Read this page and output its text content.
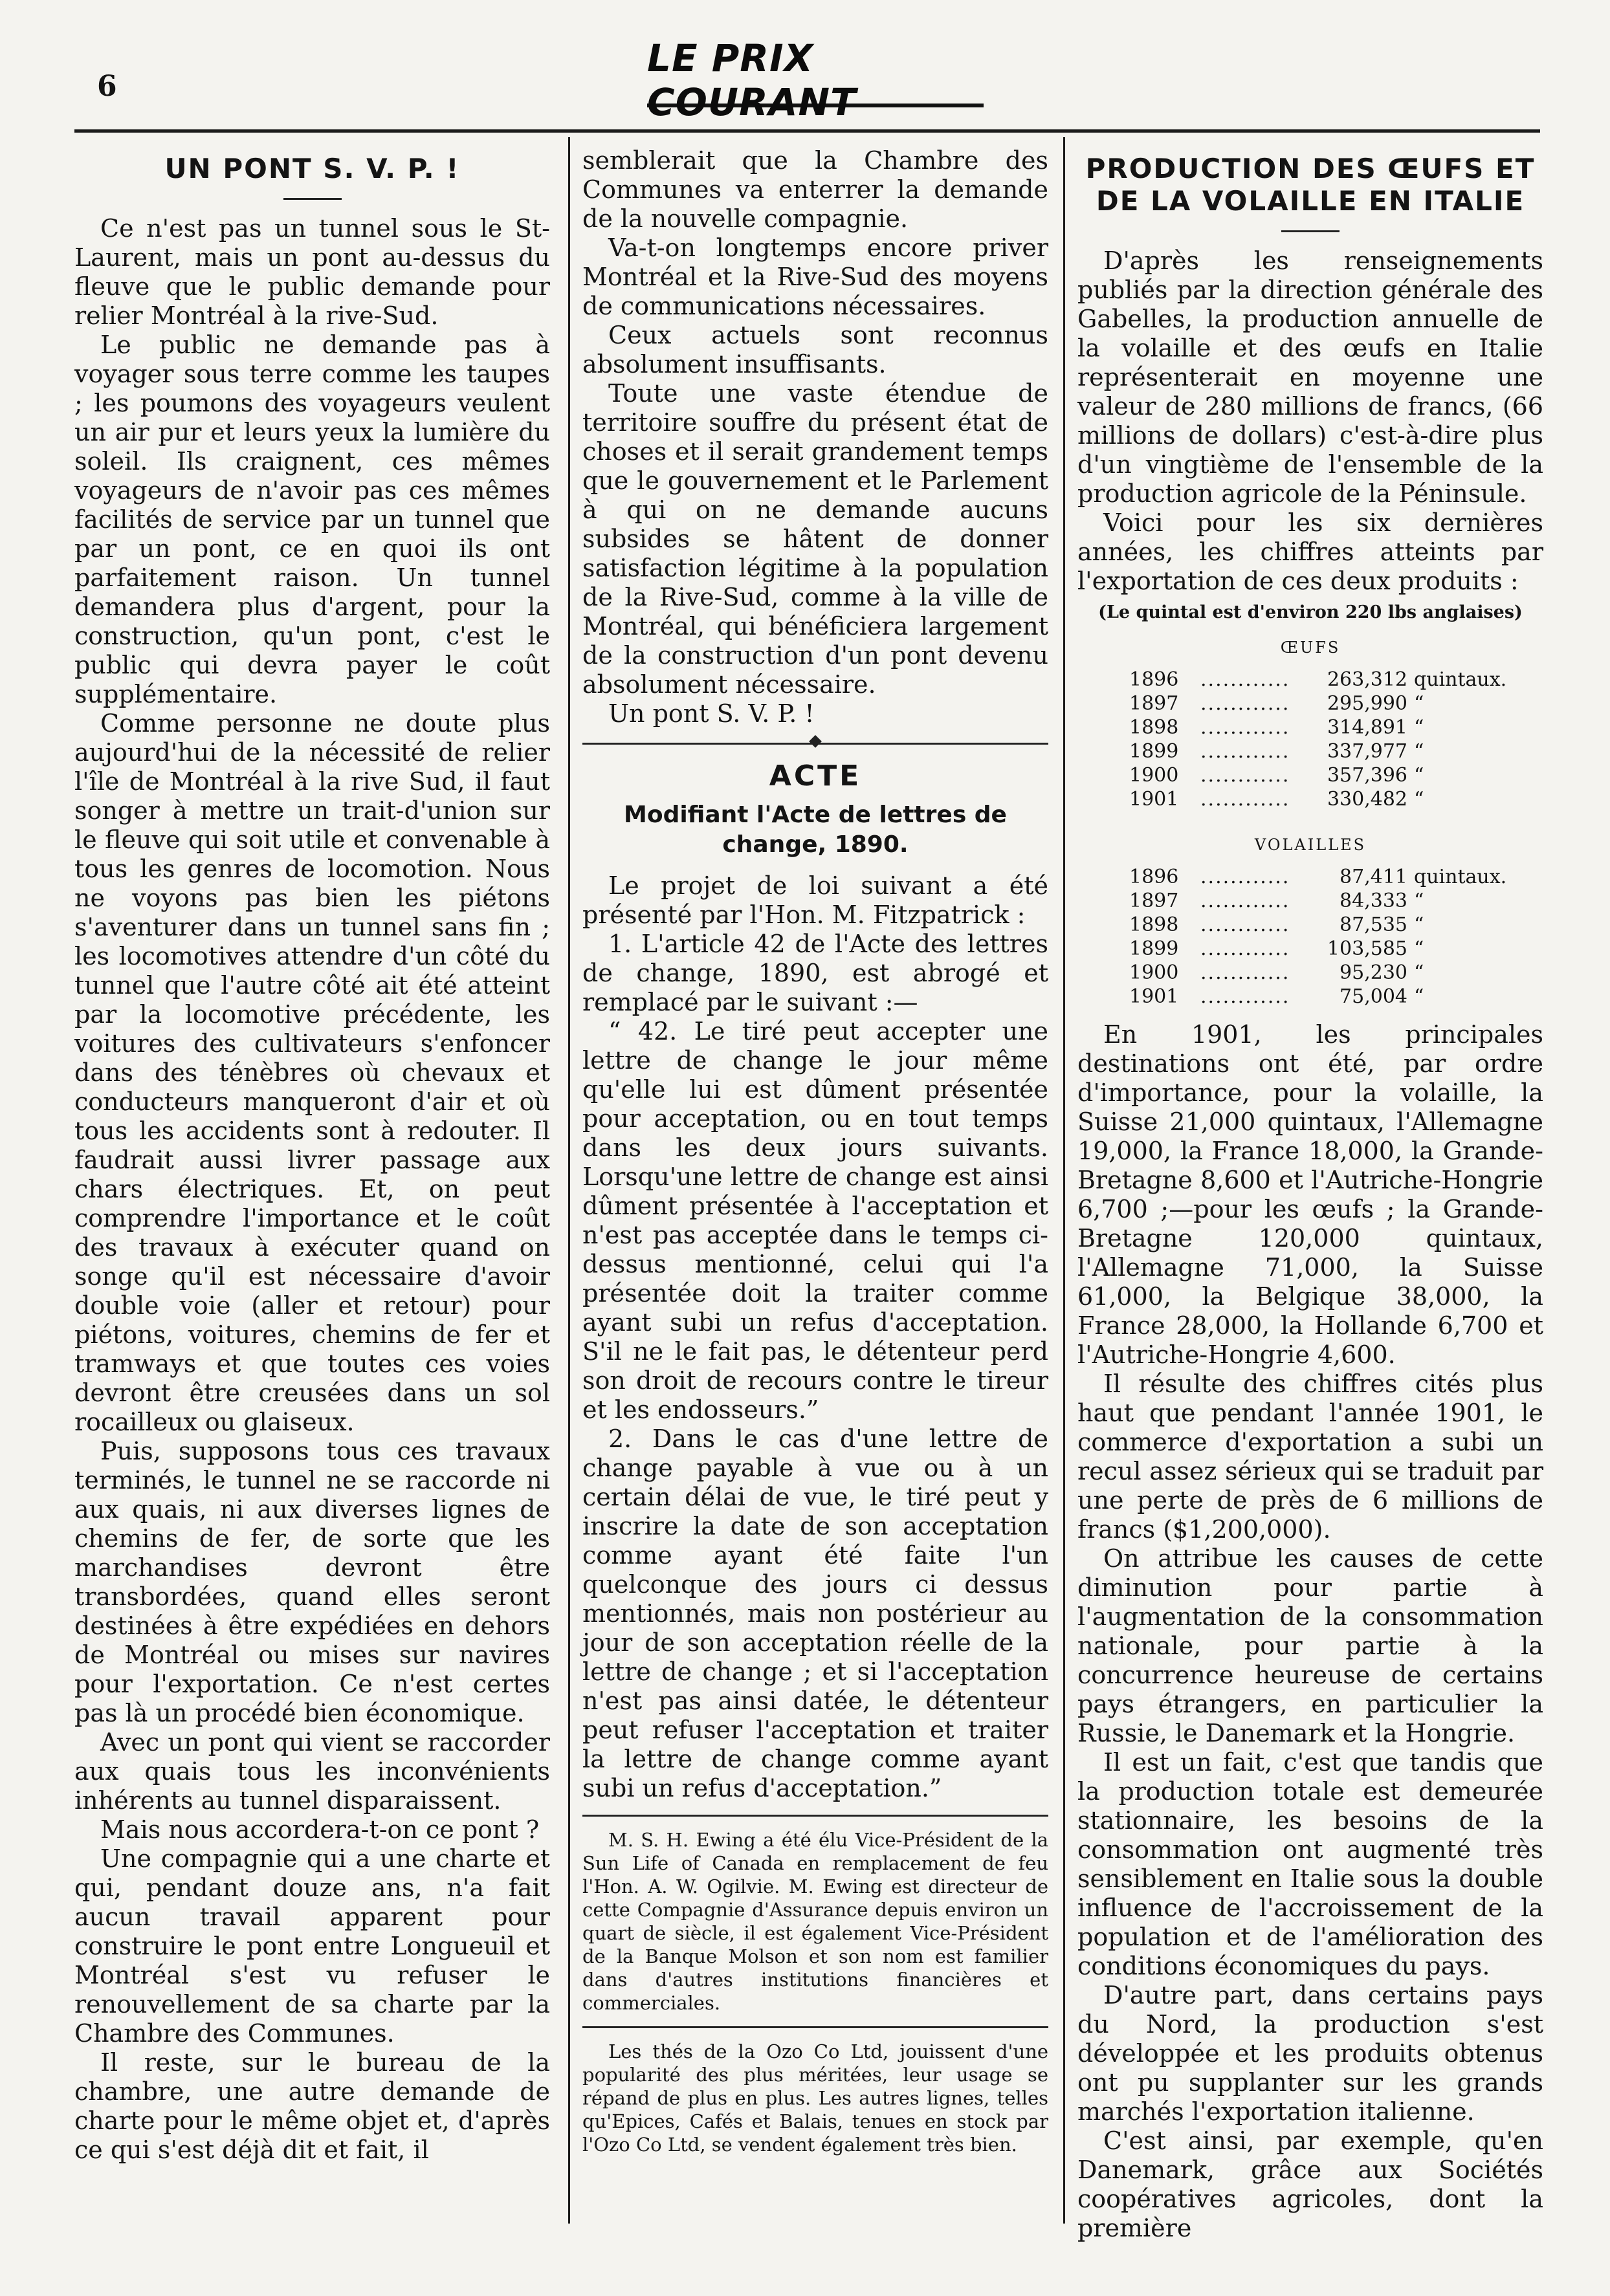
6
LE PRIX COURANT
UN PONT S. V. P. !

Ce n'est pas un tunnel sous le St-Laurent, mais un pont au-dessus du fleuve que le public demande pour relier Montréal à la rive-Sud.

Le public ne demande pas à voyager sous terre comme les taupes ; les poumons des voyageurs veulent un air pur et leurs yeux la lumière du soleil. Ils craignent, ces mêmes voyageurs de n'avoir pas ces mêmes facilités de service par un tunnel que par un pont, ce en quoi ils ont parfaitement raison. Un tunnel demandera plus d'argent, pour la construction, qu'un pont, c'est le public qui devra payer le coût supplémentaire.

Comme personne ne doute plus aujourd'hui de la nécessité de relier l'île de Montréal à la rive Sud, il faut songer à mettre un trait-d'union sur le fleuve qui soit utile et convenable à tous les genres de locomotion. Nous ne voyons pas bien les piétons s'aventurer dans un tunnel sans fin ; les locomotives attendre d'un côté du tunnel que l'autre côté ait été atteint par la locomotive précédente, les voitures des cultivateurs s'enfoncer dans des ténèbres où chevaux et conducteurs manqueront d'air et où tous les accidents sont à redouter. Il faudrait aussi livrer passage aux chars électriques. Et, on peut comprendre l'importance et le coût des travaux à exécuter quand on songe qu'il est nécessaire d'avoir double voie (aller et retour) pour piétons, voitures, chemins de fer et tramways et que toutes ces voies devront être creusées dans un sol rocailleux ou glaiseux.

Puis, supposons tous ces travaux terminés, le tunnel ne se raccorde ni aux quais, ni aux diverses lignes de chemins de fer, de sorte que les marchandises devront être transbordées, quand elles seront destinées à être expédiées en dehors de Montréal ou mises sur navires pour l'exportation. Ce n'est certes pas là un procédé bien économique.

Avec un pont qui vient se raccorder aux quais tous les inconvénients inhérents au tunnel disparaissent.

Mais nous accordera-t-on ce pont ?

Une compagnie qui a une charte et qui, pendant douze ans, n'a fait aucun travail apparent pour construire le pont entre Longueuil et Montréal s'est vu refuser le renouvellement de sa charte par la Chambre des Communes.

Il reste, sur le bureau de la chambre, une autre demande de charte pour le même objet et, d'après ce qui s'est déjà dit et fait, il

semblerait que la Chambre des Communes va enterrer la demande de la nouvelle compagnie.

Va-t-on longtemps encore priver Montréal et la Rive-Sud des moyens de communications nécessaires.

Ceux actuels sont reconnus absolument insuffisants.

Toute une vaste étendue de territoire souffre du présent état de choses et il serait grandement temps que le gouvernement et le Parlement à qui on ne demande aucuns subsides se hâtent de donner satisfaction légitime à la population de la Rive-Sud, comme à la ville de Montréal, qui bénéficiera largement de la construction d'un pont devenu absolument nécessaire.

Un pont S. V. P. !

ACTE
Modifiant l'Acte de lettres de change, 1890.

Le projet de loi suivant a été présenté par l'Hon. M. Fitzpatrick :

1. L'article 42 de l'Acte des lettres de change, 1890, est abrogé et remplacé par le suivant :—

“ 42. Le tiré peut accepter une lettre de change le jour même qu'elle lui est dûment présentée pour acceptation, ou en tout temps dans les deux jours suivants. Lorsqu'une lettre de change est ainsi dûment présentée à l'acceptation et n'est pas acceptée dans le temps ci-dessus mentionné, celui qui l'a présentée doit la traiter comme ayant subi un refus d'acceptation. S'il ne le fait pas, le détenteur perd son droit de recours contre le tireur et les endosseurs.”

2. Dans le cas d'une lettre de change payable à vue ou à un certain délai de vue, le tiré peut y inscrire la date de son acceptation comme ayant été faite l'un quelconque des jours ci dessus mentionnés, mais non postérieur au jour de son acceptation réelle de la lettre de change ; et si l'acceptation n'est pas ainsi datée, le détenteur peut refuser l'acceptation et traiter la lettre de change comme ayant subi un refus d'acceptation.”

M. S. H. Ewing a été élu Vice-Président de la Sun Life of Canada en remplacement de feu l'Hon. A. W. Ogilvie. M. Ewing est directeur de cette Compagnie d'Assurance depuis environ un quart de siècle, il est également Vice-Président de la Banque Molson et son nom est familier dans d'autres institutions financières et commerciales.

Les thés de la Ozo Co Ltd, jouissent d'une popularité des plus méritées, leur usage se répand de plus en plus. Les autres lignes, telles qu'Epices, Cafés et Balais, tenues en stock par l'Ozo Co Ltd, se vendent également très bien.

PRODUCTION DES ŒUFS ET DE LA VOLAILLE EN ITALIE

D'après les renseignements publiés par la direction générale des Gabelles, la production annuelle de la volaille et des œufs en Italie représenterait en moyenne une valeur de 280 millions de francs, (66 millions de dollars) c'est-à-dire plus d'un vingtième de l'ensemble de la production agricole de la Péninsule.

Voici pour les six dernières années, les chiffres atteints par l'exportation de ces deux produits :

(Le quintal est d'environ 220 lbs anglaises)
ŒUFS
1896	............	263,312	quintaux.
1897	............	295,990	“
1898	............	314,891	“
1899	............	337,977	“
1900	............	357,396	“
1901	............	330,482	“
VOLAILLES
1896	............	87,411	quintaux.
1897	............	84,333	“
1898	............	87,535	“
1899	............	103,585	“
1900	............	95,230	“
1901	............	75,004	“

En 1901, les principales destinations ont été, par ordre d'importance, pour la volaille, la Suisse 21,000 quintaux, l'Allemagne 19,000, la France 18,000, la Grande-Bretagne 8,600 et l'Autriche-Hongrie 6,700 ;—pour les œufs ; la Grande-Bretagne 120,000 quintaux, l'Allemagne 71,000, la Suisse 61,000, la Belgique 38,000, la France 28,000, la Hollande 6,700 et l'Autriche-Hongrie 4,600.

Il résulte des chiffres cités plus haut que pendant l'année 1901, le commerce d'exportation a subi un recul assez sérieux qui se traduit par une perte de près de 6 millions de francs ($1,200,000).

On attribue les causes de cette diminution pour partie à l'augmentation de la consommation nationale, pour partie à la concurrence heureuse de certains pays étrangers, en particulier la Russie, le Danemark et la Hongrie.

Il est un fait, c'est que tandis que la production totale est demeurée stationnaire, les besoins de la consommation ont augmenté très sensiblement en Italie sous la double influence de l'accroissement de la population et de l'amélioration des conditions économiques du pays.

D'autre part, dans certains pays du Nord, la production s'est développée et les produits obtenus ont pu supplanter sur les grands marchés l'exportation italienne.

C'est ainsi, par exemple, qu'en Danemark, grâce aux Sociétés coopératives agricoles, dont la première
